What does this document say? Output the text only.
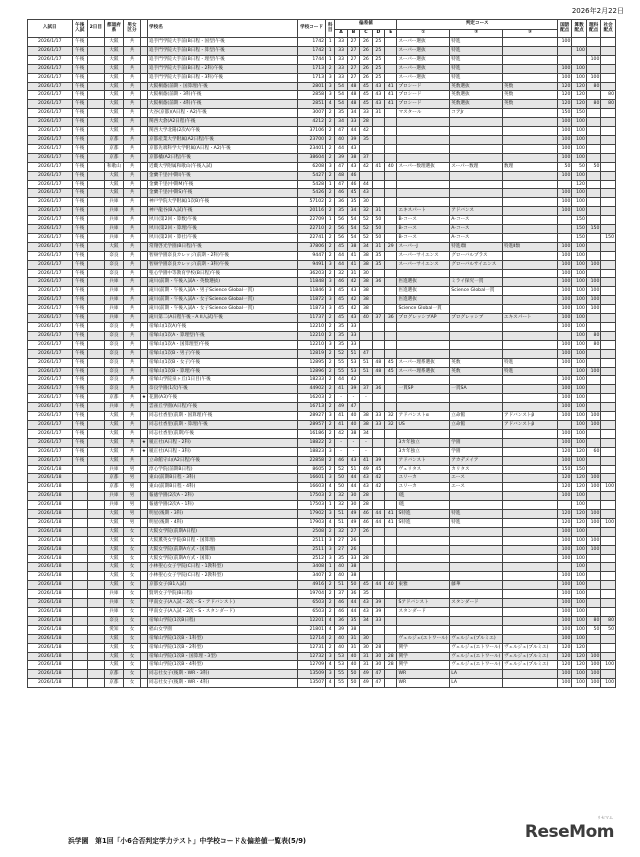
2026年2月22日
入試日	午後入試	2日目	都道府県	男女区分		学校名	学校コード	科目	偏差値					判定コース			国語配点	算数配点	理科配点	社会配点
									A	B	C	D	E	①	②	③				
2026/1/17	午後		大阪	共		追手門学院大手前(B日程・国型)午後	1742	1	33	27	26	25		スーパー選抜	特進		100			
2026/1/17	午後		大阪	共		追手門学院大手前(B日程・算型)午後	1742	1	33	27	26	25		スーパー選抜	特進			100		
2026/1/17	午後		大阪	共		追手門学院大手前(B日程・理型)午後	1744	1	33	27	26	25		スーパー選抜	特進				100	
2026/1/17	午後		大阪	共		追手門学院大手前(B日程・2科)午後	1713	2	33	27	26	25		スーパー選抜	特進		100	100		
2026/1/17	午後		大阪	共		追手門学院大手前(B日程・3科)午後	1713	3	33	27	26	25		スーパー選抜	特進		100	100	100	
2026/1/17	午後		大阪	共		大阪桐蔭(前期・国算理)午後	2801	3	54	48	45	43	41	プロシード	英数選抜	英数	120	120	80	
2026/1/17	午後		大阪	共		大阪桐蔭(前期・3科)午後	2858	3	54	48	45	43	41	プロシード	英数選抜	英数	120	120		80
2026/1/17	午後		大阪	共		大阪桐蔭(前期・4科)午後	2851	4	54	48	45	43	41	プロシード	英数選抜	英数	120	120	80	80
2026/1/17	午後		大阪	共		大谷(京都)(A日程・A2)午後	3007	2	35	34	33	31		マスタール	コアJr		150	150		
2026/1/17	午後		大阪	共		関西大倉(A2日程)午後	4212	2	34	33	28						100	100		
2026/1/17	午後		大阪	共		関西大学北陽(2次A)午後	37106	2	47	44	42						100	100		
2026/1/17	午後		京都	共		京都産業大学附属(A2日程)午後	23700	2	40	39	35						100	100		
2026/1/17	午後		京都	共		京都先端科学大学附属(A日程・A2)午後	23401	2	44	43							100	100		
2026/1/17	午後		京都	共		京都橘(A2日程)午後	38604	2	39	38	37						100	100		
2026/1/17	午後		和歌山	共		近畿大学附属和歌山(午後入試)	6208	3	47	43	42	41	40	スーパー数理選抜	スーパー数理	数理	50	50	50	
2026/1/17	午後		大阪	共		金蘭千里(中期I)午後	5427	2	48	46							100	100		
2026/1/17	午後		大阪	共		金蘭千里(中期M)午後	5428	1	47	46	44							120		
2026/1/17	午後		大阪	共		金蘭千里(中期S)午後	5426	2	46	45	43						100	100		
2026/1/17	午後		兵庫	共		神戸学院大学附属(1次B)午後	57102	2	36	35	30						100	100		
2026/1/17	午後		兵庫	共		神戸龍谷(B入試)午後	20116	2	35	34	32	31		エキスパート	アドバンス		100	100		
2026/1/17	午後		兵庫	共		夙川(第2回・算数)午後	22709	1	56	54	52	50		B-コース	A-コース			150		
2026/1/17	午後		兵庫	共		夙川(第2回・算理)午後	22710	2	56	54	52	50		B-コース	A-コース			150	150	
2026/1/17	午後		兵庫	共		夙川(第2回・算社)午後	22741	2	56	54	52	50		B-コース	A-コース			150		150
2026/1/17	午後		大阪	共		常翔啓光学園(B日程)午後	37806	2	45	38	34	31	29	スーパーJ	特進Ⅰ類	特進Ⅱ類	100	100		
2026/1/17	午後		奈良	共		智辯学園奈良カレッジ(前期・2科)午後	9447	2	44	41	38	35		スーパーサイエンス	グローバルプラス		100	100		
2026/1/17	午後		奈良	共		智辯学園奈良カレッジ(前期・3科)午後	9491	3	44	41	38	35		スーパーサイエンス	グローバルサイエンス		100	100	100	
2026/1/17	午後		奈良	共		聖心学園中等教育学校(B日程)午後	36203	2	32	31	30						100	100		
2026/1/17	午後		兵庫	共		滝川(前期・午後入試A・英数選抜)	11848	3	46	42	38	36		医進選抜	ミライ探究一貫		100	100	100	
2026/1/17	午後		兵庫	共		滝川(前期・午後入試A・男子Science Global一貫)	11846	3	45	43	38			医進選抜	Science Global一貫		100	100	100	
2026/1/17	午後		兵庫	共		滝川(前期・午後入試A・女子Science Global一貫)	11872	3	45	42	38			医進選抜			100	100	100	
2026/1/17	午後		兵庫	共		滝川(前期・午後入試A・女子Science Global一貫)	11873	3	45	42	38			Science Global一貫			100	100	100	
2026/1/17	午後		兵庫	共		滝川第二(A日程午後・A II入試)午後	11737	2	45	43	40	37	36	プログレッシブAP	プログレッシブ	エキスパート	100	100		
2026/1/17	午後		奈良	共		帝塚山(1次A)午後	12210	2	35	33							100	100		
2026/1/17	午後		奈良	共		帝塚山(1次A・算理型)午後	12210	2	35	33								100	80	
2026/1/17	午後		奈良	共		帝塚山(1次A・国算理型)午後	12210	3	35	33							100	100	80	
2026/1/17	午後		奈良	共		帝塚山(1次B・男子)午後	12819	2	52	51	47						100	100		
2026/1/17	午後		奈良	共		帝塚山(1次B・女子)午後	12895	2	55	53	51	48	45	スーパー理系選抜	英数	特進	100	100		
2026/1/17	午後		奈良	共		帝塚山(1次B・算理)午後	12896	2	55	53	51	48	45	スーパー理系選抜	英数	特進		100	100	
2026/1/17	午後		奈良	共		帝塚山学院泉ヶ丘(1日目)午後	18233	2	44	42							100	100		
2026/1/17	午後		奈良	共		奈良学園(1次)午後	44902	2	41	39	37	36		一貫SP	一貫SA		100	100		
2026/1/17	午後		京都	共	★	花園(A3)午後	16203	2	-	-	-						100	100		
2026/1/17	午後		兵庫	共		雲雀丘学園(A日程)午後	16713	2	49	47							100	100		
2026/1/17	午後		大阪	共		同志社香里(前期・国算理)午後	28927	3	41	40	38	33	32	アドバンストα	立命館	アドバンストβ	100	100	100	
2026/1/17	午後		大阪	共		同志社香里(前期・算理)午後	28957	2	41	40	38	33	32	US	立命館	アドバンストβ		100	100	
2026/1/17	午後		大阪	共		同志社香里(前期)午後	16186	2	42	38	34						100	100		
2026/1/17	午後		大阪	共	★	履正社(A日程・2科)	18822	2	-	-	-			3カ年独立	学園		100	100		
2026/1/17	午後		大阪	共	★	履正社(A日程・3科)	18823	3	-	-	-			3カ年独立	学園		120	120	60	
2026/1/17	午後		大阪	共		立命館守山(A2日程)午後	22858	2	46	43	41	39		アドバンスト	アカデメイア		100	100		
2026/1/18			兵庫	男		淳心学院(前期B日程)	8605	2	52	51	49	45		ヴェリタス	カリタス		150	150		
2026/1/18			京都	男		東山(前期B日程・3科)	16601	3	50	44	43	42		ユリーカ	エース		120	120	100	
2026/1/18			京都	男		東山(前期B日程・4科)	16603	4	50	44	43	42		ユリーカ	エース		120	120	100	100
2026/1/18			兵庫	男		報徳学園(2次A・2科)	17503	2	32	30	28			Ⅰ進			100	100		
2026/1/18			兵庫	男		報徳学園(2次A・1科)	17503	1	32	30	28			Ⅰ進				100		
2026/1/18			大阪	男		明星(後期・3科)	17902	3	51	49	46	44	41	S特進	特進		120	120	100	
2026/1/18			大阪	男		明星(後期・4科)	17903	4	51	49	46	44	41	S特進	特進		120	120	100	100
2026/1/18			大阪	女		大阪女学院(前期A日程)	2508	2	32	27	26						100	100		
2026/1/18			大阪	女		大阪薫英女学院(B日程・国算理)	2511	3	27	26							100	100	100	
2026/1/18			大阪	女		大阪女学院(前期A方式・国算理)	2511	3	27	26							100	100	100	
2026/1/18			大阪	女		大阪女学院(前期A方式・国算)	2512	3	35	33	28						100	100		
2026/1/18			大阪	女		小林聖心女子学院(C日程・1教科型)	3408	1	40	38								100		
2026/1/18			大阪	女		小林聖心女子学院(C日程・2教科型)	3407	2	40	38							100	100		
2026/1/18			大阪	女		京都女子(B1入試)	4916	2	51	50	45	44	40	東雅	藤華		100	100		
2026/1/18			兵庫	女		賢明女子学院(B日程)	19704	2	37	36	35						100	100		
2026/1/18			兵庫	女		甲南女子(A入試・2次・S・アドバンスト)	6503	2	46	44	43	39		Sアドバンスト	スタンダード		100	100		
2026/1/18			兵庫	女		甲南女子(A入試・2次・S・スタンダード)	6503	2	46	44	43	39		スタンダード			100	100		
2026/1/18			奈良	女		帝塚山学院(1次B日程)	12201	4	36	35	34	33					100	100	80	80
2026/1/18			愛知	女		椙山女学園	21801	4	39	38							100	100	50	50
2026/1/18			大阪	女		帝塚山学院(1次B・1科型)	12714	2	40	31	30			ヴェルジェ(エトワール)	ヴェルジェ(プルミエ)		100	100		
2026/1/18			大阪	女		帝塚山学院(1次B・2科型)	12731	2	40	31	30	28		関学	ヴェルジェ(エトワール)	ヴェルジェ(プルミエ)	120	120		
2026/1/18			大阪	女		帝塚山学院(1次B・国算理・3型)	12732	3	53	40	31	30	28	関学	ヴェルジェ(エトワール)	ヴェルジェ(プルミエ)	120	120	100	
2026/1/18			大阪	女		帝塚山学院(1次B・4科型)	12709	4	53	40	31	30	28	関学	ヴェルジェ(エトワール)	ヴェルジェ(プルミエ)	120	120	100	100
2026/1/18			京都	女		同志社女子(後期・WR・3科)	13509	3	55	50	49	47		WR	LA		100	100	100	
2026/1/18			京都	女		同志社女子(後期・WR・4科)	13507	4	55	50	49	47		WR	LA		100	100	100	100
浜学園　第1回「小6合否判定学力テスト」中学校コード＆偏差値一覧表(5/9)
リセマム
ReseMom
